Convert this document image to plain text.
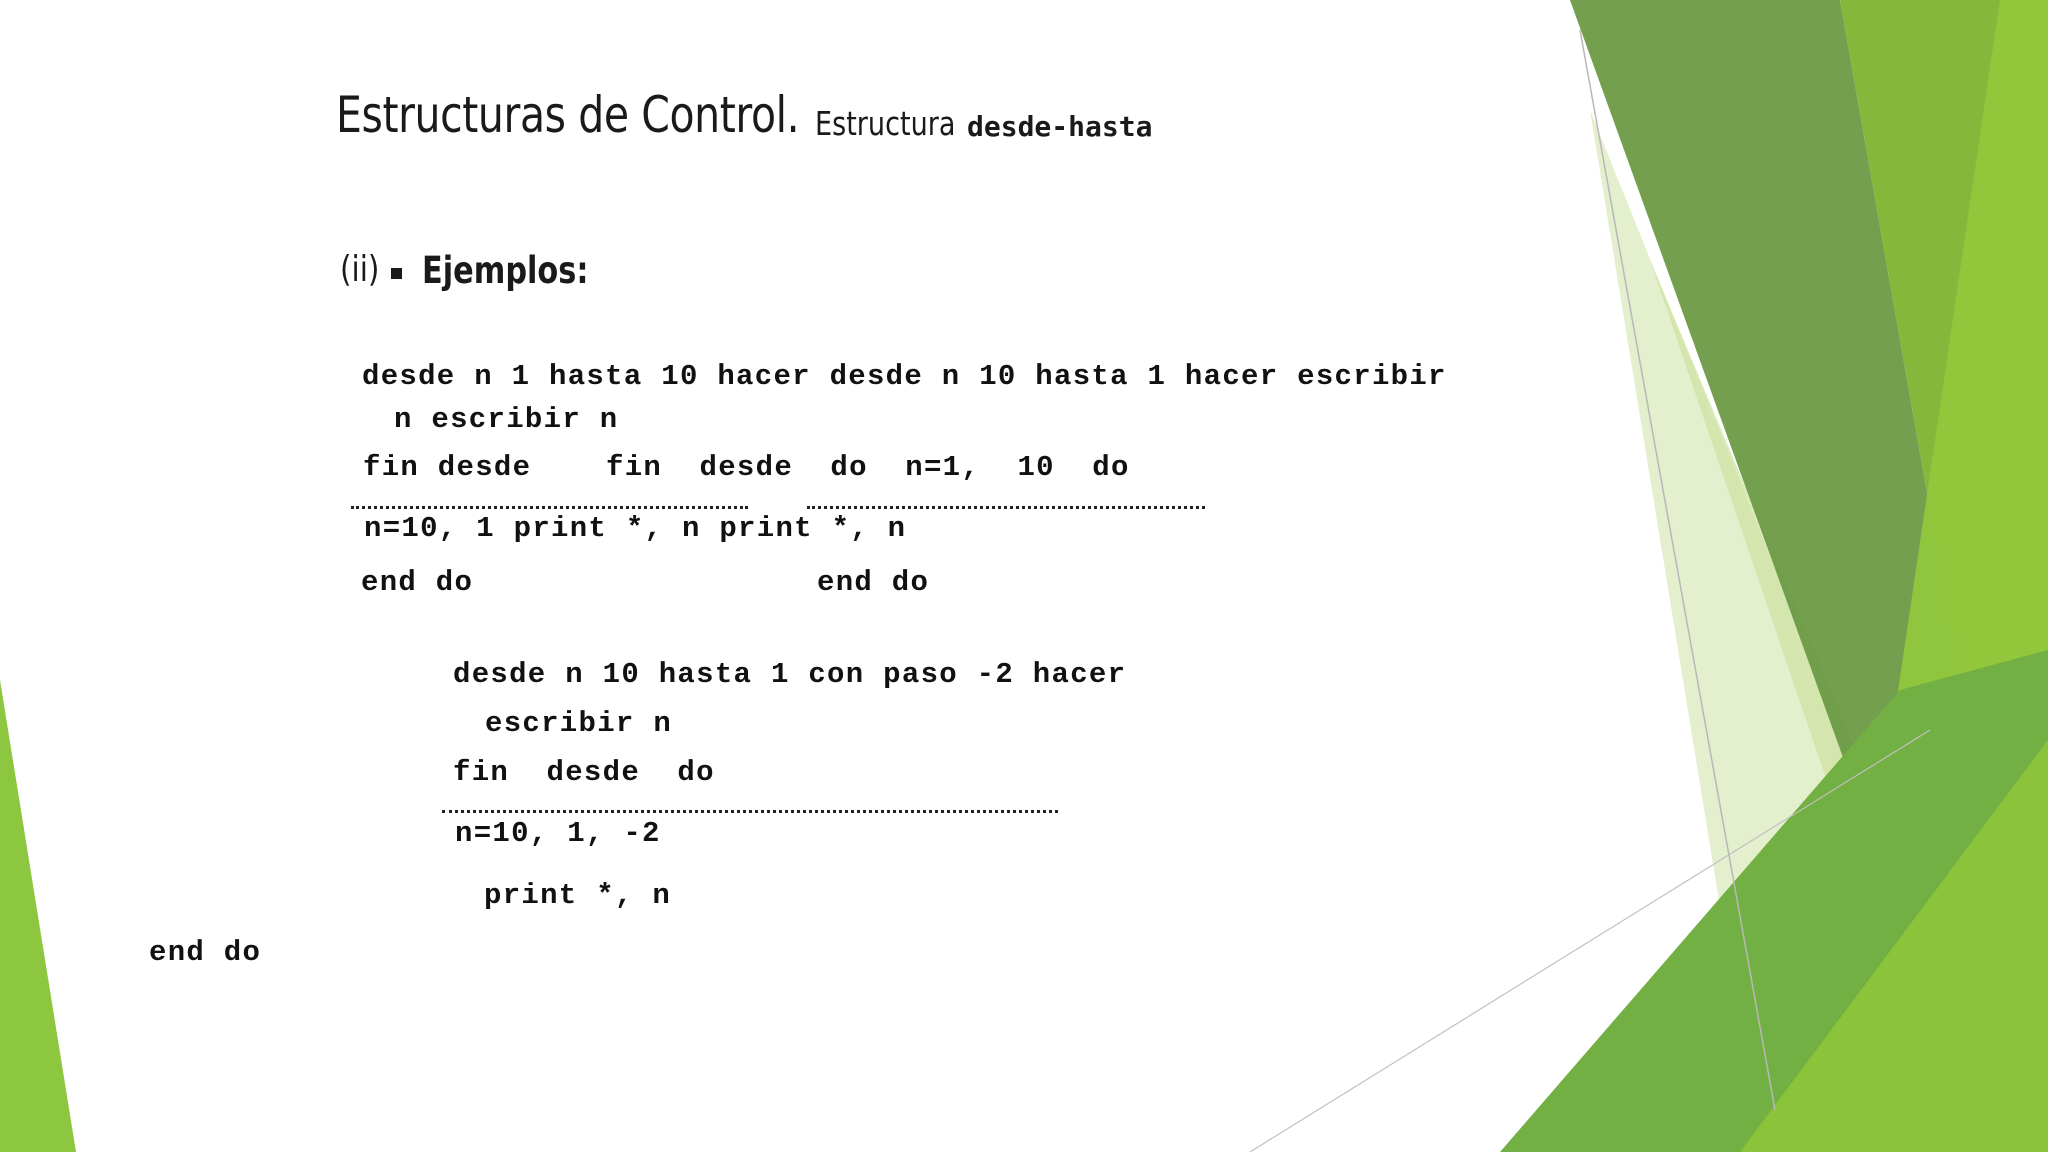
Estructuras de Control. Estructura desde-hasta
(ii) Ejemplos:
desde n 1 hasta 10 hacer desde n 10 hasta 1 hacer escribir
n escribir n
fin desde	fin  desde  do  n=1,  10  do
n=10, 1 print *, n print *, n
end do	end do
desde n 10 hasta 1 con paso -2 hacer
escribir n
fin  desde  do
n=10, 1, -2
print *, n
end do
